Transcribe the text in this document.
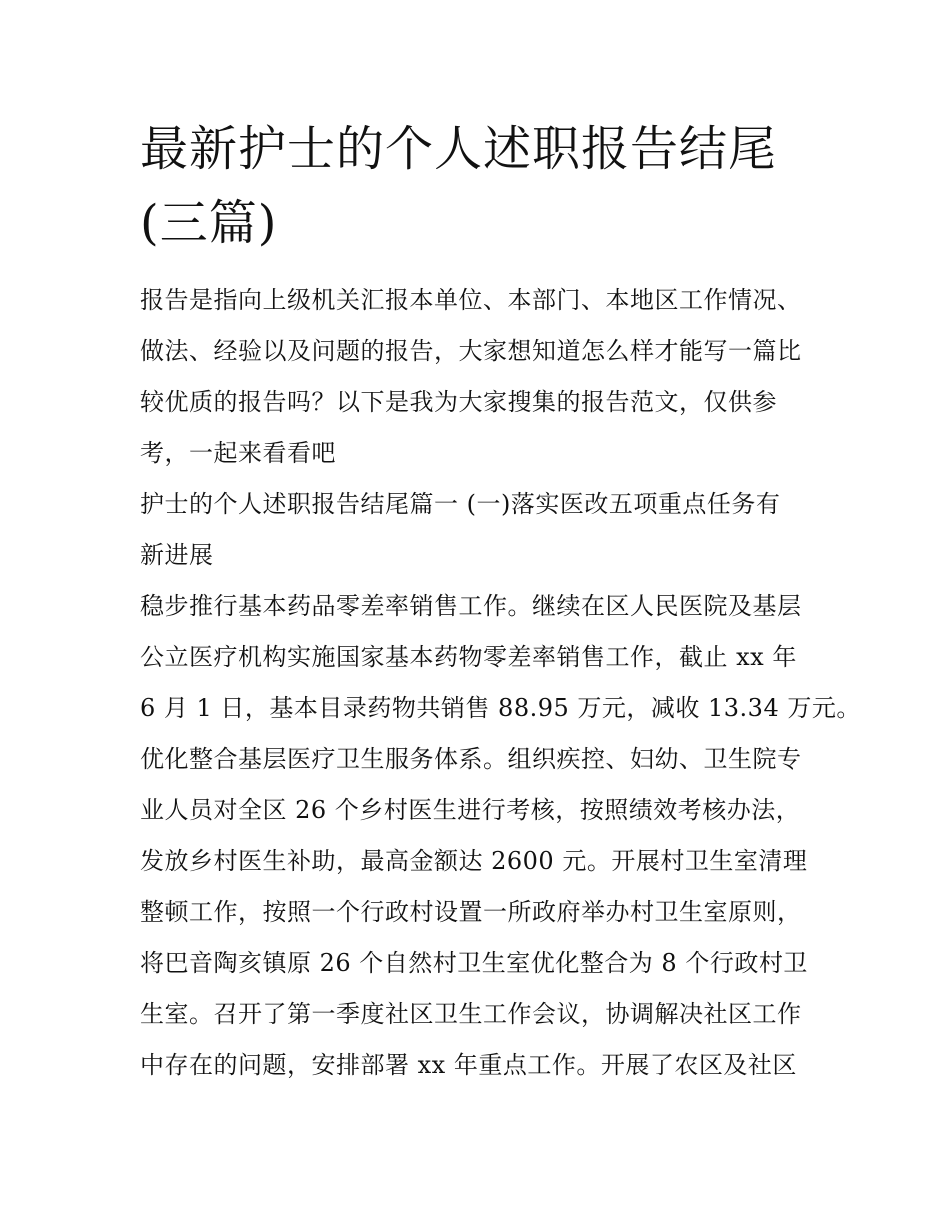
最新护士的个人述职报告结尾
(三篇)

报告是指向上级机关汇报本单位、本部门、本地区工作情况、

做法、经验以及问题的报告，大家想知道怎么样才能写一篇比

较优质的报告吗？以下是我为大家搜集的报告范文，仅供参

考，一起来看看吧

护士的个人述职报告结尾篇一 (一)落实医改五项重点任务有

新进展

稳步推行基本药品零差率销售工作。继续在区人民医院及基层

公立医疗机构实施国家基本药物零差率销售工作，截止 xx 年

6 月 1 日，基本目录药物共销售 88.95 万元，减收 13.34 万元。

优化整合基层医疗卫生服务体系。组织疾控、妇幼、卫生院专

业人员对全区 26 个乡村医生进行考核，按照绩效考核办法，

发放乡村医生补助，最高金额达 2600 元。开展村卫生室清理

整顿工作，按照一个行政村设置一所政府举办村卫生室原则，

将巴音陶亥镇原 26 个自然村卫生室优化整合为 8 个行政村卫

生室。召开了第一季度社区卫生工作会议，协调解决社区工作

中存在的问题，安排部署 xx 年重点工作。开展了农区及社区
